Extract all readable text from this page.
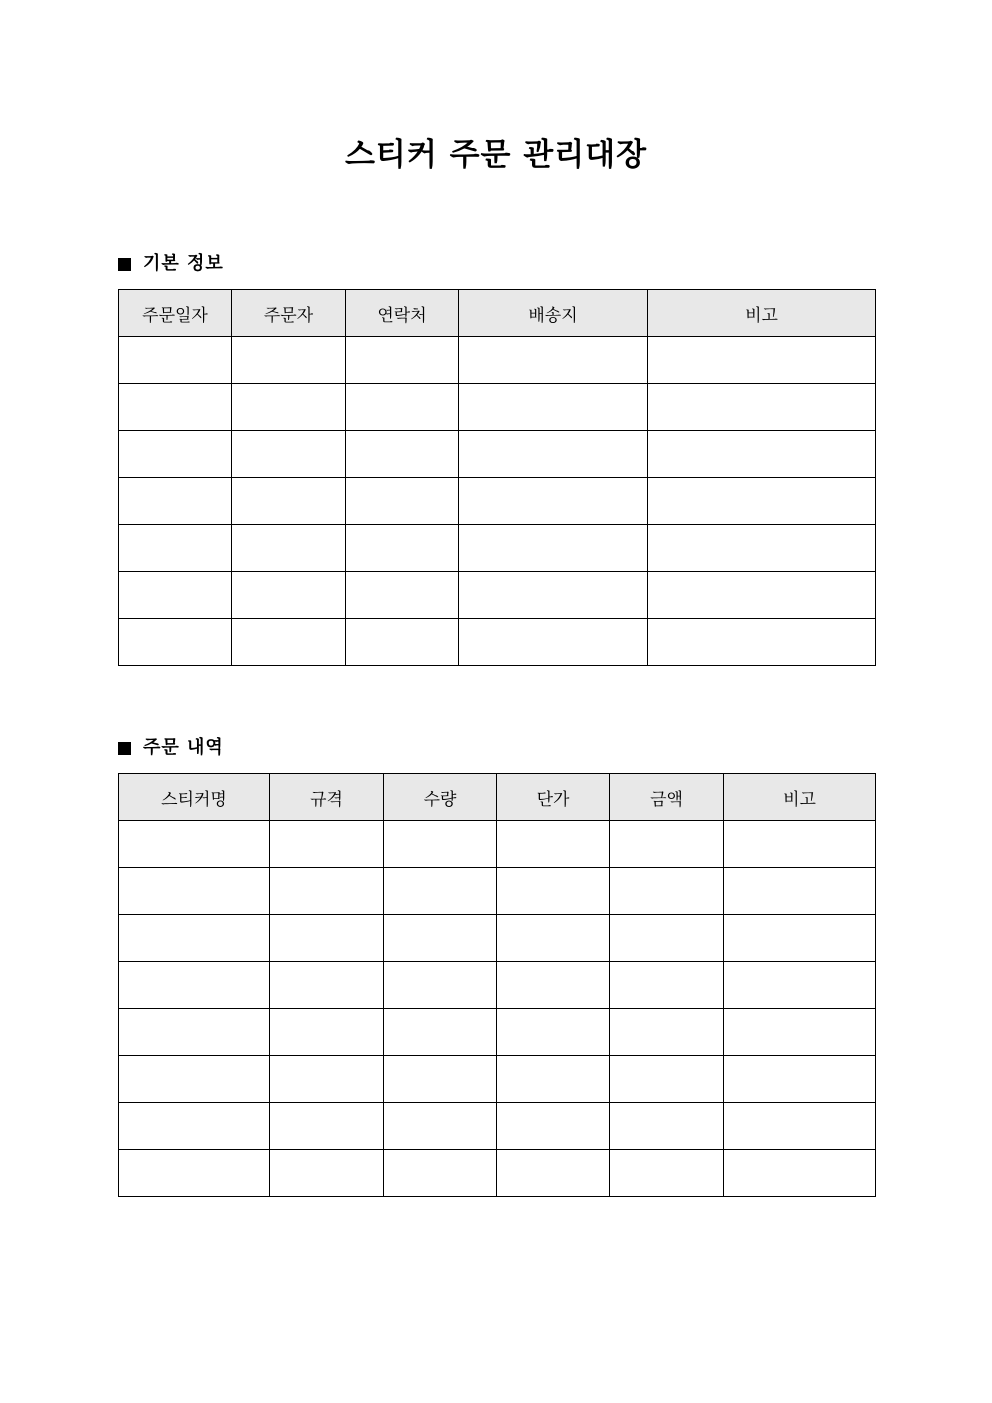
스티커 주문 관리대장
기본 정보
주문일자	주문자	연락처	배송지	비고

주문 내역
스티커명	규격	수량	단가	금액	비고
